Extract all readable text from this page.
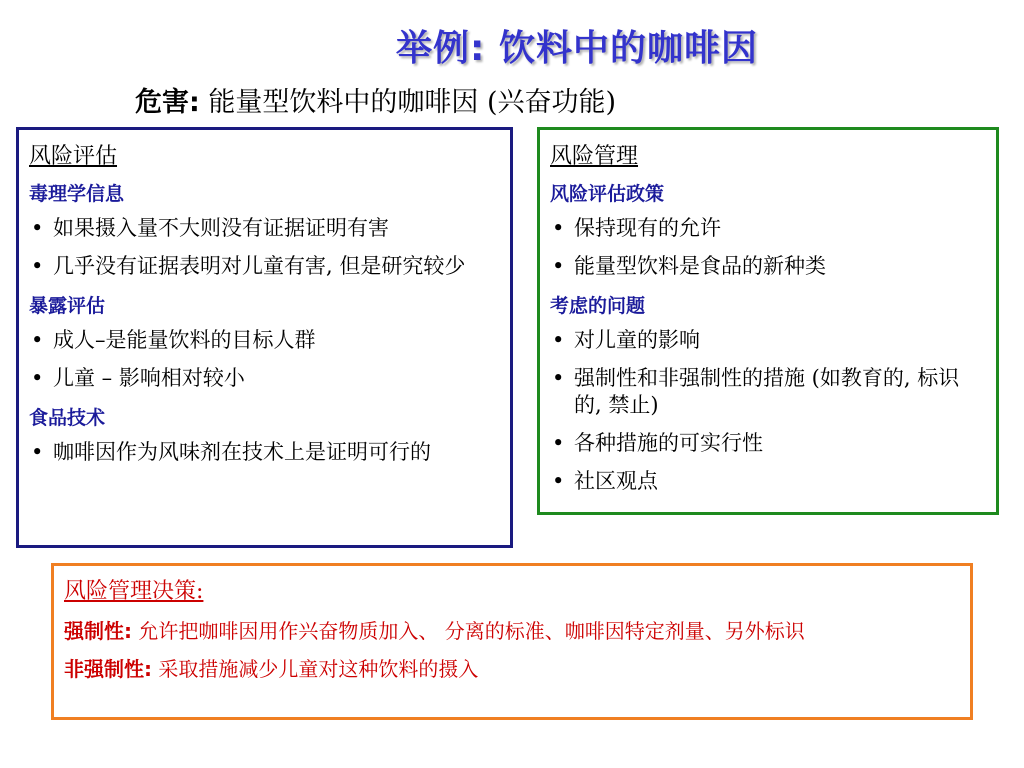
举例: 饮料中的咖啡因
危害: 能量型饮料中的咖啡因 (兴奋功能)
风险评估
毒理学信息
• 如果摄入量不大则没有证据证明有害
• 几乎没有证据表明对儿童有害, 但是研究较少
暴露评估
• 成人–是能量饮料的目标人群
• 儿童 – 影响相对较小
食品技术
• 咖啡因作为风味剂在技术上是证明可行的
风险管理
风险评估政策
• 保持现有的允许
• 能量型饮料是食品的新种类
考虑的问题
• 对儿童的影响
• 强制性和非强制性的措施 (如教育的, 标识的, 禁止)
• 各种措施的可实行性
• 社区观点
风险管理决策:
强制性: 允许把咖啡因用作兴奋物质加入、 分离的标准、咖啡因特定剂量、另外标识
非强制性: 采取措施减少儿童对这种饮料的摄入
